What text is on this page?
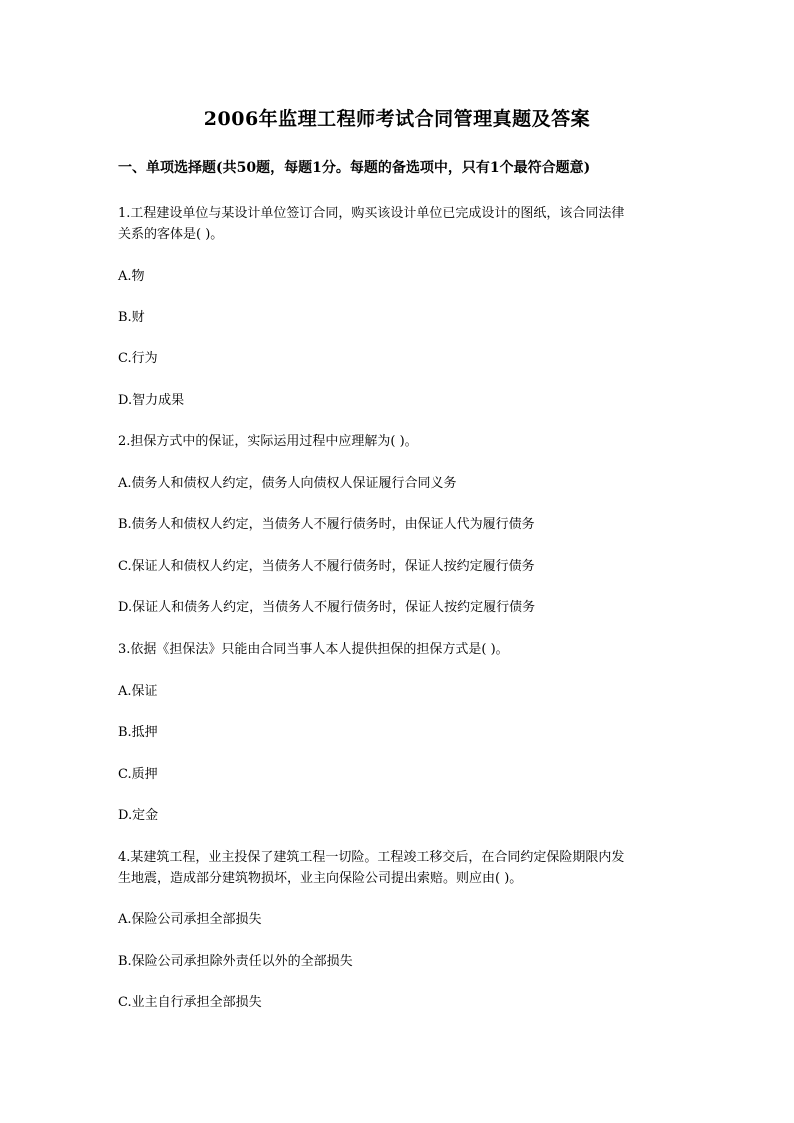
2006年监理工程师考试合同管理真题及答案
一、单项选择题(共50题，每题1分。每题的备选项中，只有1个最符合题意)
1.工程建设单位与某设计单位签订合同，购买该设计单位已完成设计的图纸，该合同法律
关系的客体是( )。
A.物
B.财
C.行为
D.智力成果
2.担保方式中的保证，实际运用过程中应理解为( )。
A.债务人和债权人约定，债务人向债权人保证履行合同义务
B.债务人和债权人约定，当债务人不履行债务时，由保证人代为履行债务
C.保证人和债权人约定，当债务人不履行债务时，保证人按约定履行债务
D.保证人和债务人约定，当债务人不履行债务时，保证人按约定履行债务
3.依据《担保法》只能由合同当事人本人提供担保的担保方式是( )。
A.保证
B.抵押
C.质押
D.定金
4.某建筑工程，业主投保了建筑工程一切险。工程竣工移交后，在合同约定保险期限内发
生地震，造成部分建筑物损坏，业主向保险公司提出索赔。则应由( )。
A.保险公司承担全部损失
B.保险公司承担除外责任以外的全部损失
C.业主自行承担全部损失
